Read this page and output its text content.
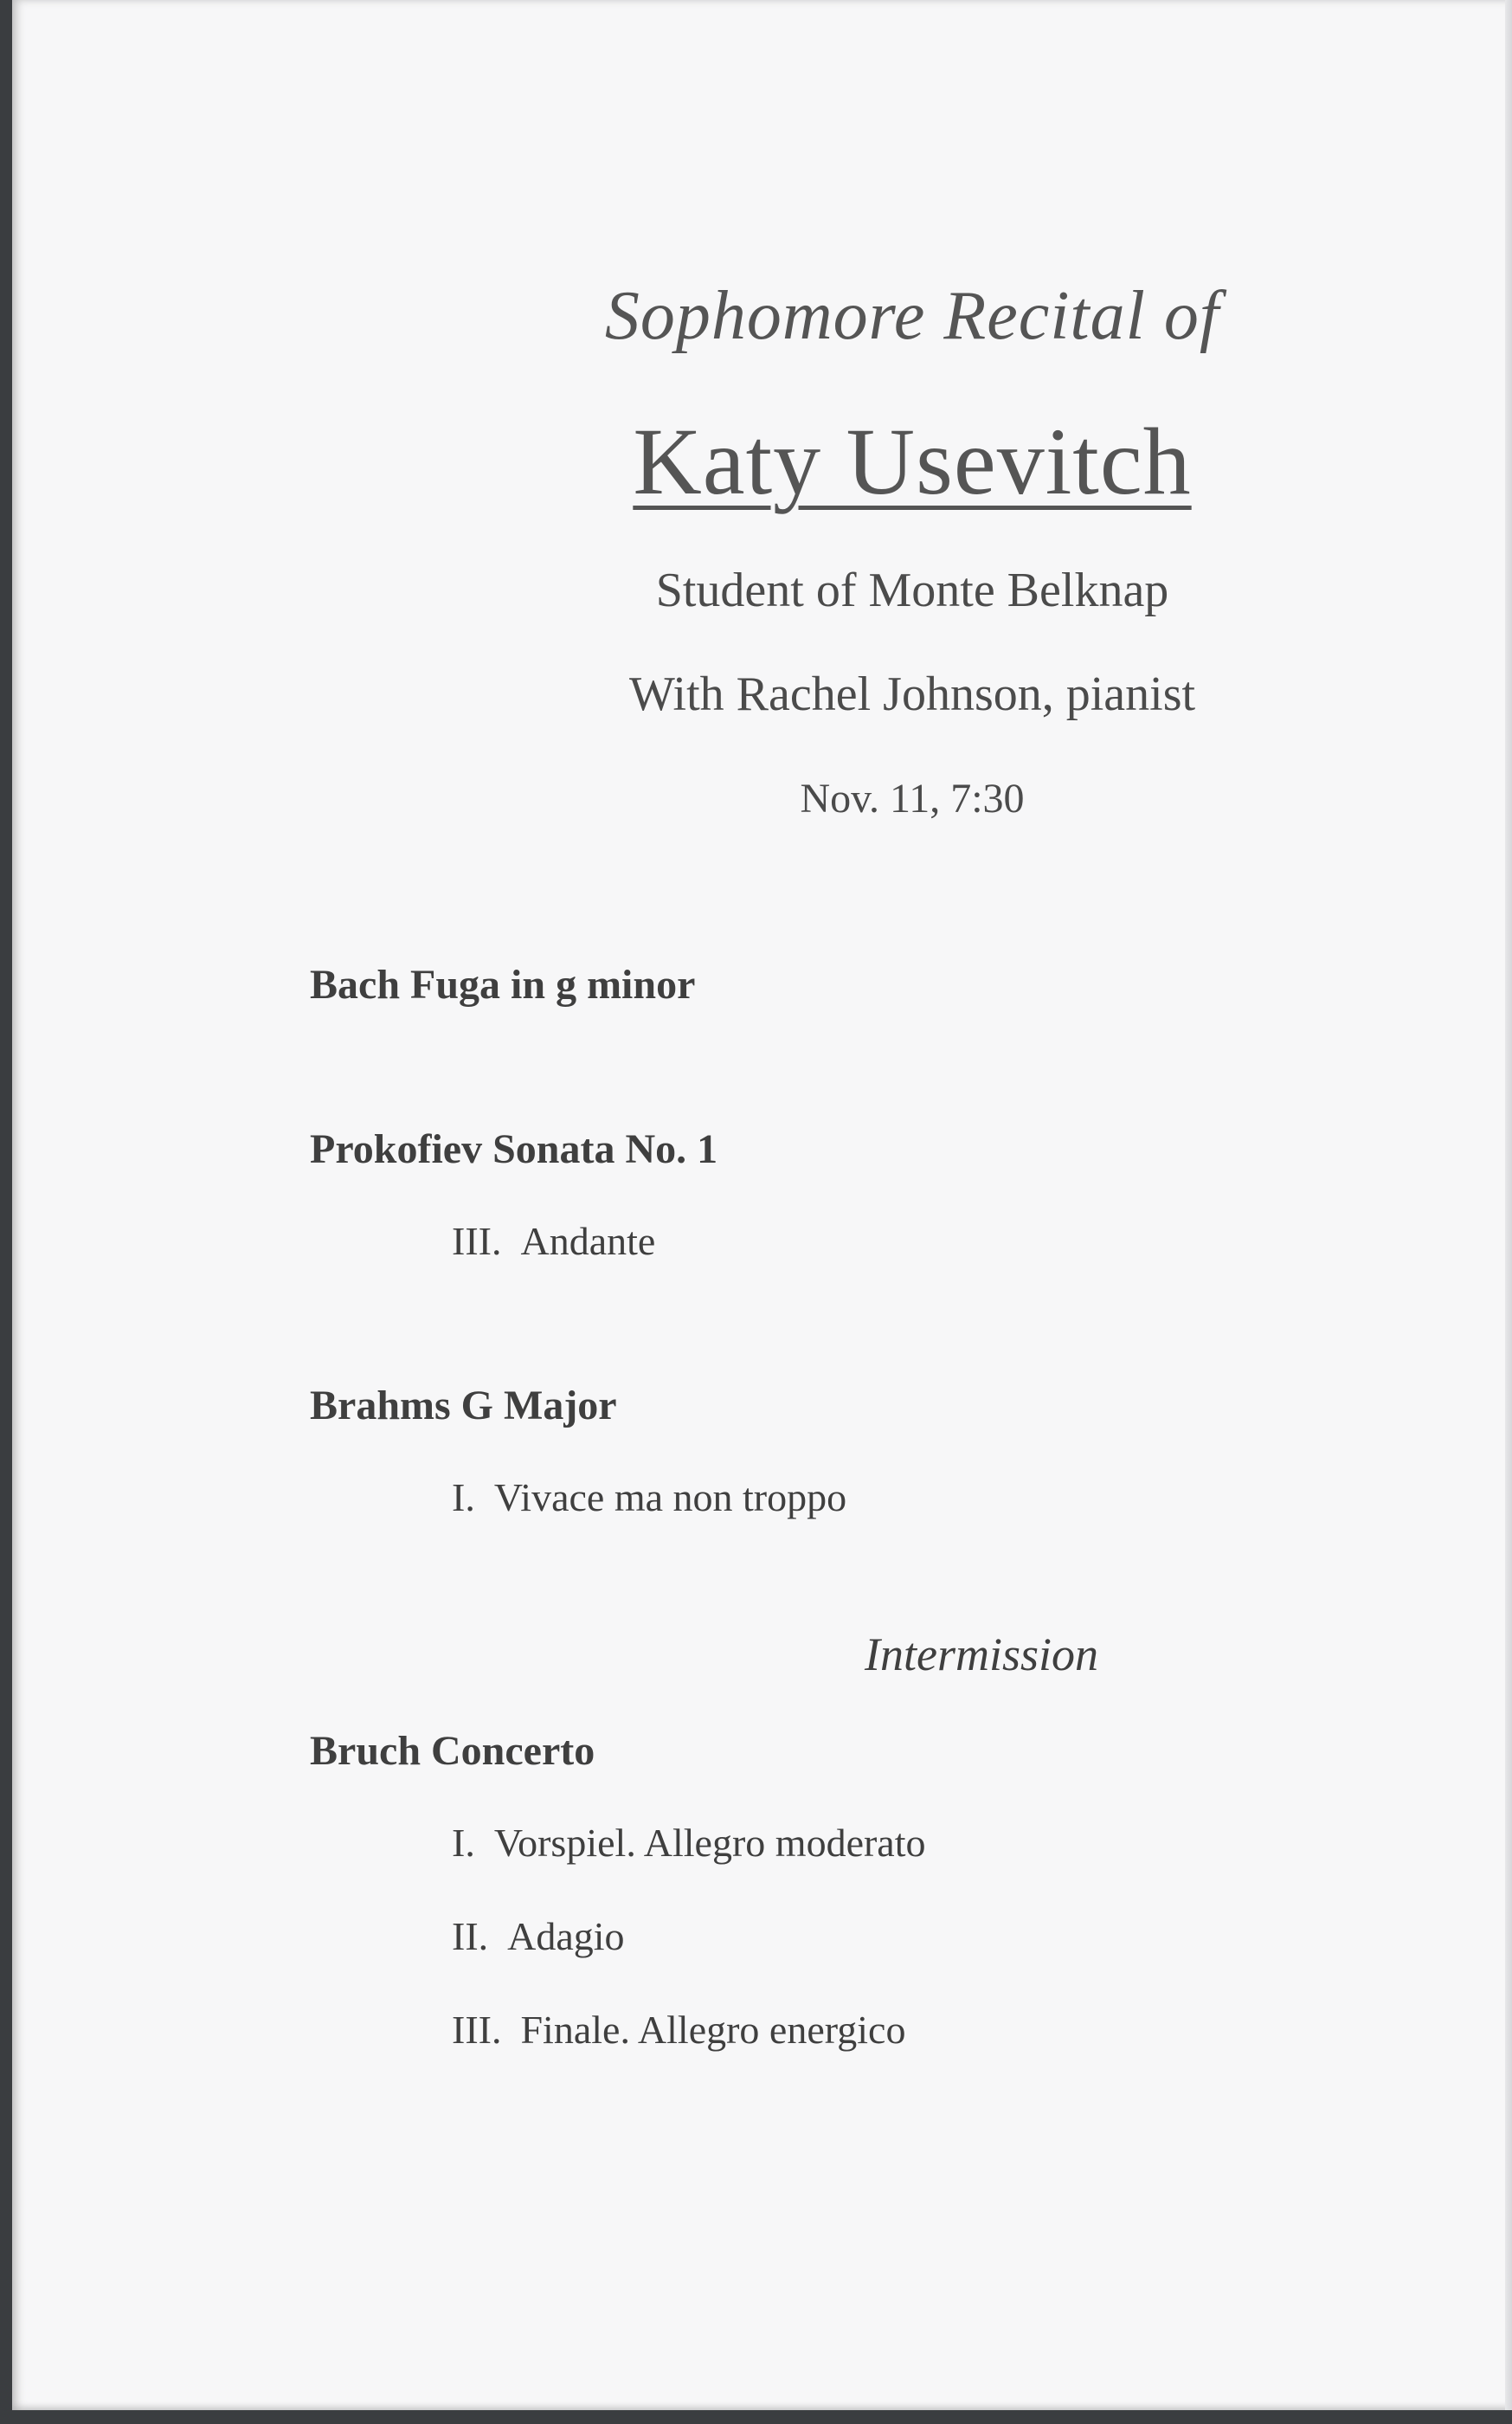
Sophomore Recital of
Katy Usevitch
Student of Monte Belknap
With Rachel Johnson, pianist
Nov. 11, 7:30
Bach Fuga in g minor
Prokofiev Sonata No. 1
III. Andante
Brahms G Major
I. Vivace ma non troppo
Intermission
Bruch Concerto
I. Vorspiel. Allegro moderato
II. Adagio
III. Finale. Allegro energico
